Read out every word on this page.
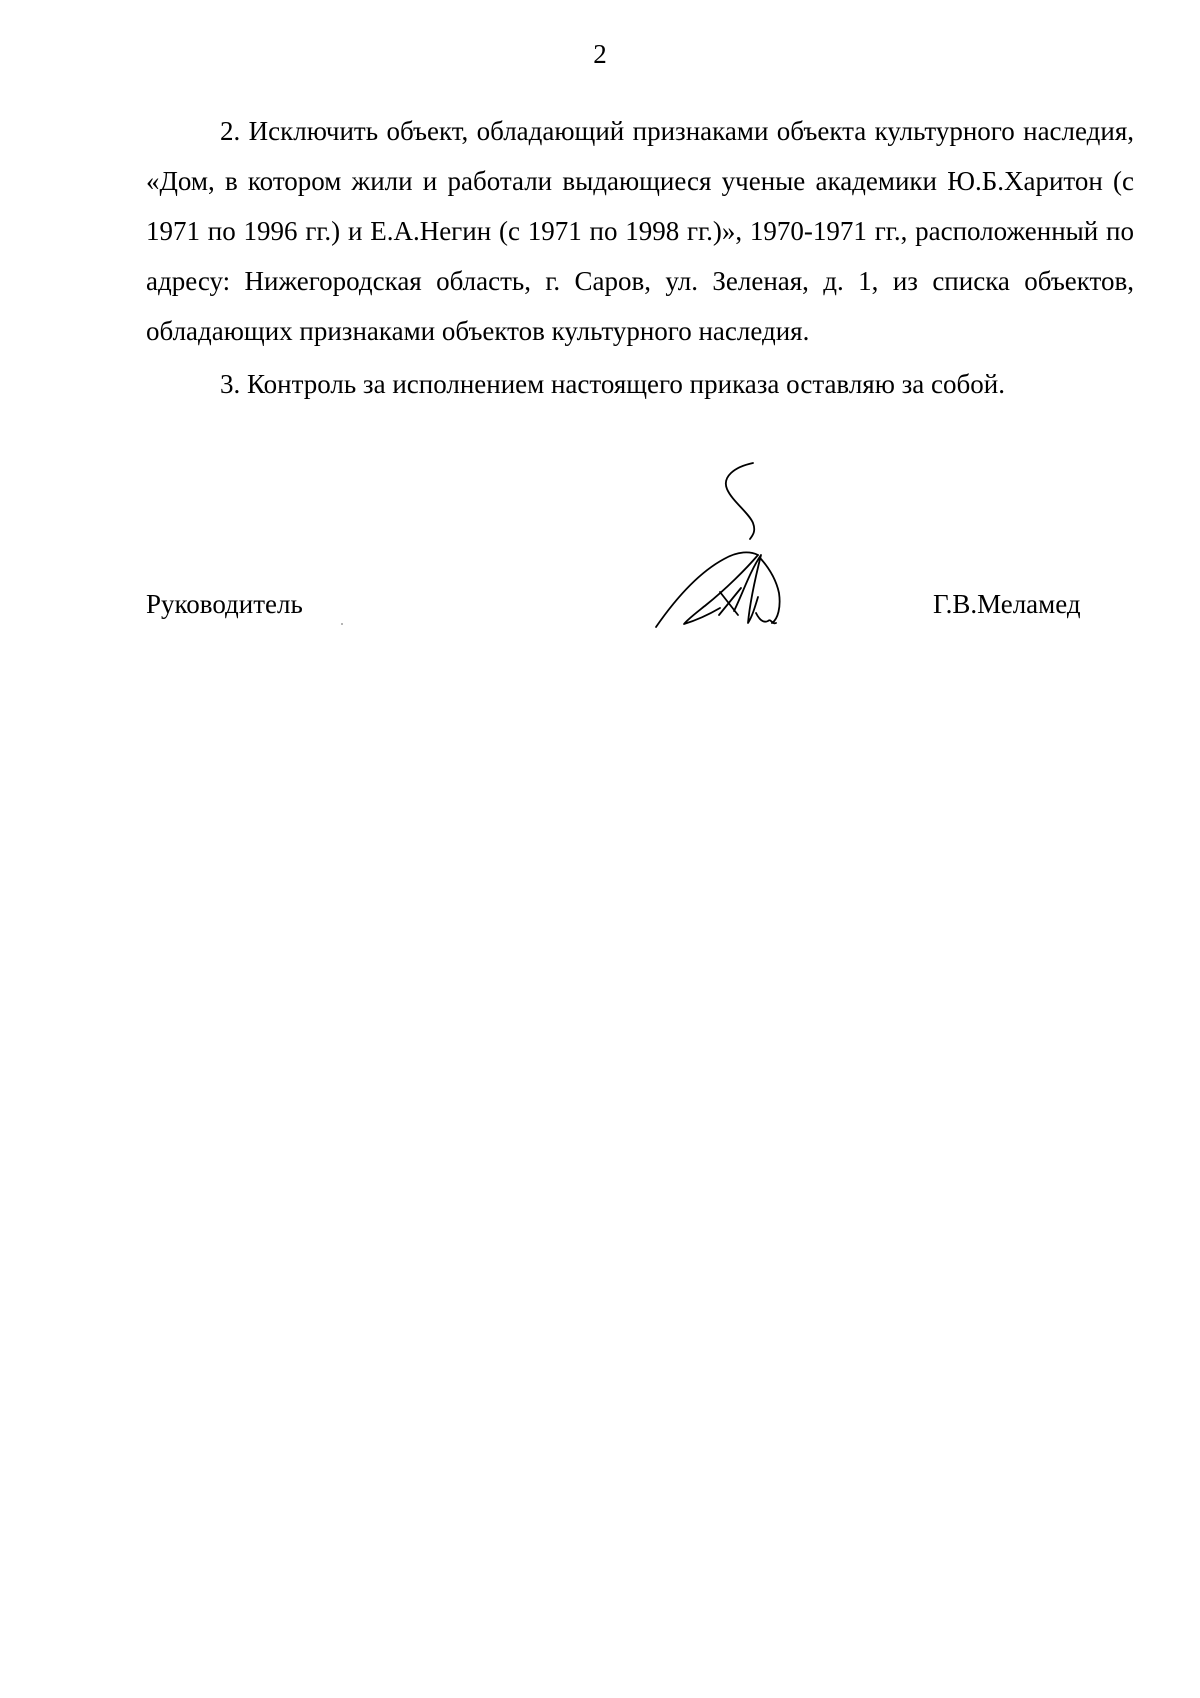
2

2. Исключить объект, обладающий признаками объекта культурного наследия, «Дом, в котором жили и работали выдающиеся ученые академики Ю.Б.Харитон (с 1971 по 1996 гг.) и Е.А.Негин (с 1971 по 1998 гг.)», 1970-1971 гг., расположенный по адресу: Нижегородская область, г. Саров, ул. Зеленая, д. 1, из списка объектов, обладающих признаками объектов культурного наследия.

3. Контроль за исполнением настоящего приказа оставляю за собой.

Руководитель	Г.В.Меламед
